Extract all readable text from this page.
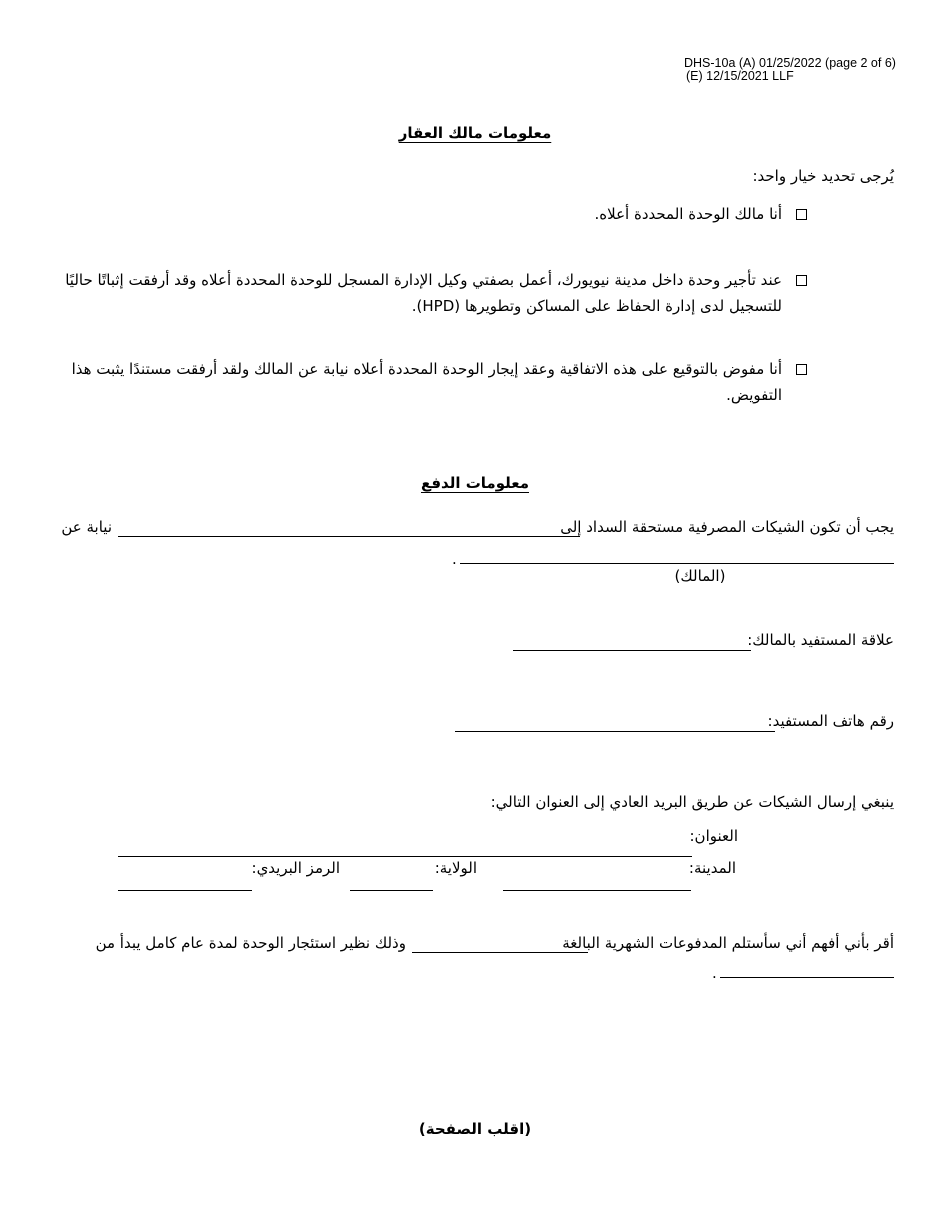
DHS-10a (A) 01/25/2022 (page 2 of 6)
(E) 12/15/2021 LLF
معلومات مالك العقار
يُرجى تحديد خيار واحد:
أنا مالك الوحدة المحددة أعلاه.
عند تأجير وحدة داخل مدينة نيويورك، أعمل بصفتي وكيل الإدارة المسجل للوحدة المحددة أعلاه وقد أرفقت إثباتًا حاليًا
للتسجيل لدى إدارة الحفاظ على المساكن وتطويرها (HPD).
أنا مفوض بالتوقيع على هذه الاتفاقية وعقد إيجار الوحدة المحددة أعلاه نيابة عن المالك ولقد أرفقت مستندًا يثبت هذا
التفويض.
معلومات الدفع
يجب أن تكون الشيكات المصرفية مستحقة السداد إلى
نيابة عن
.
(المالك)
علاقة المستفيد بالمالك:
رقم هاتف المستفيد:
ينبغي إرسال الشيكات عن طريق البريد العادي إلى العنوان التالي:
العنوان:
المدينة:
الولاية:
الرمز البريدي:
أقر بأني أفهم أني سأستلم المدفوعات الشهرية البالغة
وذلك نظير استئجار الوحدة لمدة عام كامل يبدأ من
.
(اقلب الصفحة)
